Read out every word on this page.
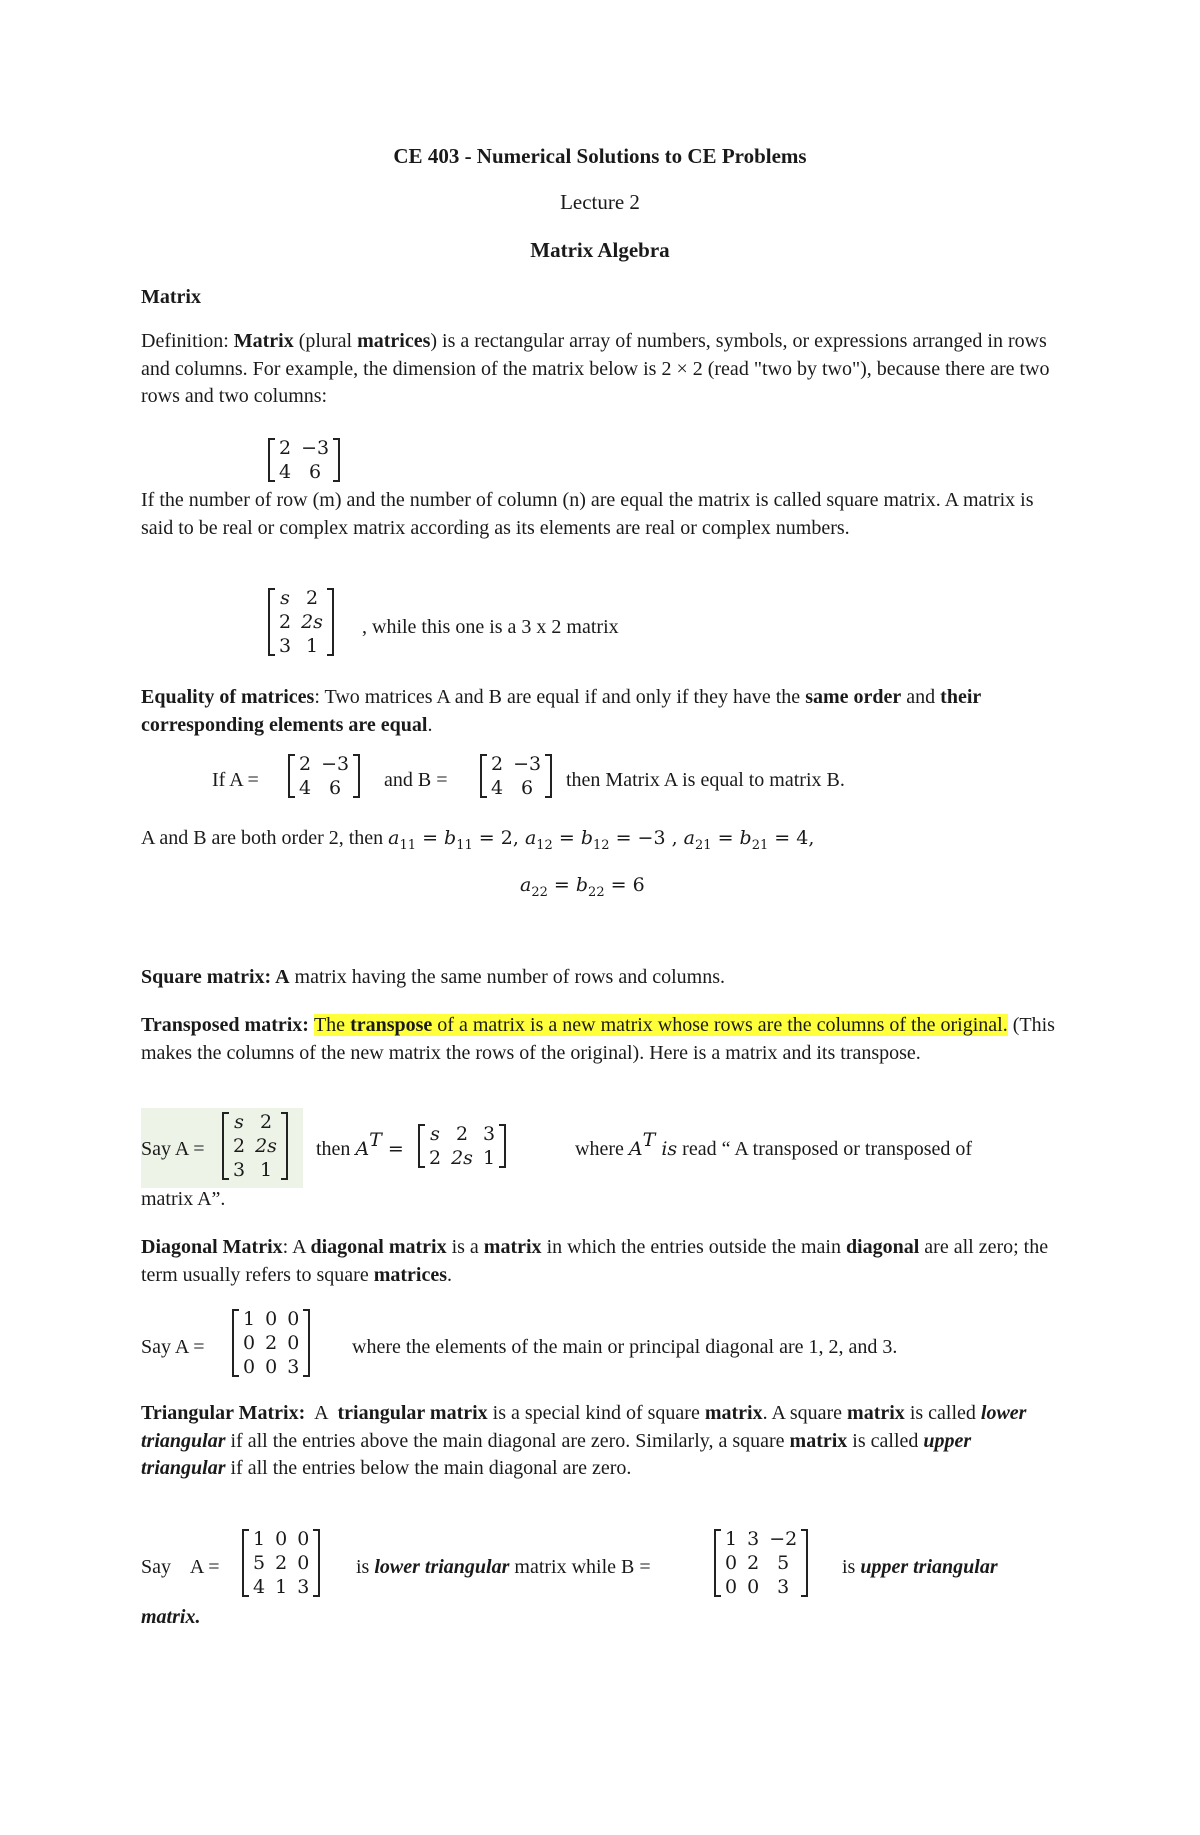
CE 403 - Numerical Solutions to CE Problems
Lecture 2
Matrix Algebra
Matrix
Definition: Matrix (plural matrices) is a rectangular array of numbers, symbols, or expressions arranged in rows and columns. For example, the dimension of the matrix below is 2 × 2 (read "two by two"), because there are two rows and two columns:
2 −3
4 6
If the number of row (m) and the number of column (n) are equal the matrix is called square matrix. A matrix is said to be real or complex matrix according as its elements are real or complex numbers.
s 2
2 2s
3 1
, while this one is a 3 x 2 matrix
Equality of matrices: Two matrices A and B are equal if and only if they have the same order and their corresponding elements are equal.
If A =
2 −3
4 6	and B =
2 −3
4 6	then Matrix A is equal to matrix B.
A and B are both order 2, then $a_{11} = b_{11} = 2$, $a_{12} = b_{12} = -3$ , $a_{21} = b_{21} = 4$,
$a_{22} = b_{22} = 6$
Square matrix: A matrix having the same number of rows and columns.
Transposed matrix: The transpose of a matrix is a new matrix whose rows are the columns of the original. (This makes the columns of the new matrix the rows of the original). Here is a matrix and its transpose.
Say A =
s 2
2 2s
3 1
then $A^T$ =
s 2 3
2 2s 1	where $A^T$ is read “ A transposed or transposed of
matrix A”.
Diagonal Matrix: A diagonal matrix is a matrix in which the entries outside the main diagonal are all zero; the term usually refers to square matrices.
Say A =
1 0 0
0 2 0
0 0 3
where the elements of the main or principal diagonal are 1, 2, and 3.
Triangular Matrix:  A  triangular matrix is a special kind of square matrix. A square matrix is called lower triangular if all the entries above the main diagonal are zero. Similarly, a square matrix is called upper triangular if all the entries below the main diagonal are zero.
Say    A =
1 0 0
5 2 0
4 1 3
is lower triangular matrix while B =
1 3 −2
0 2 5
0 0 3
is upper triangular
matrix.
